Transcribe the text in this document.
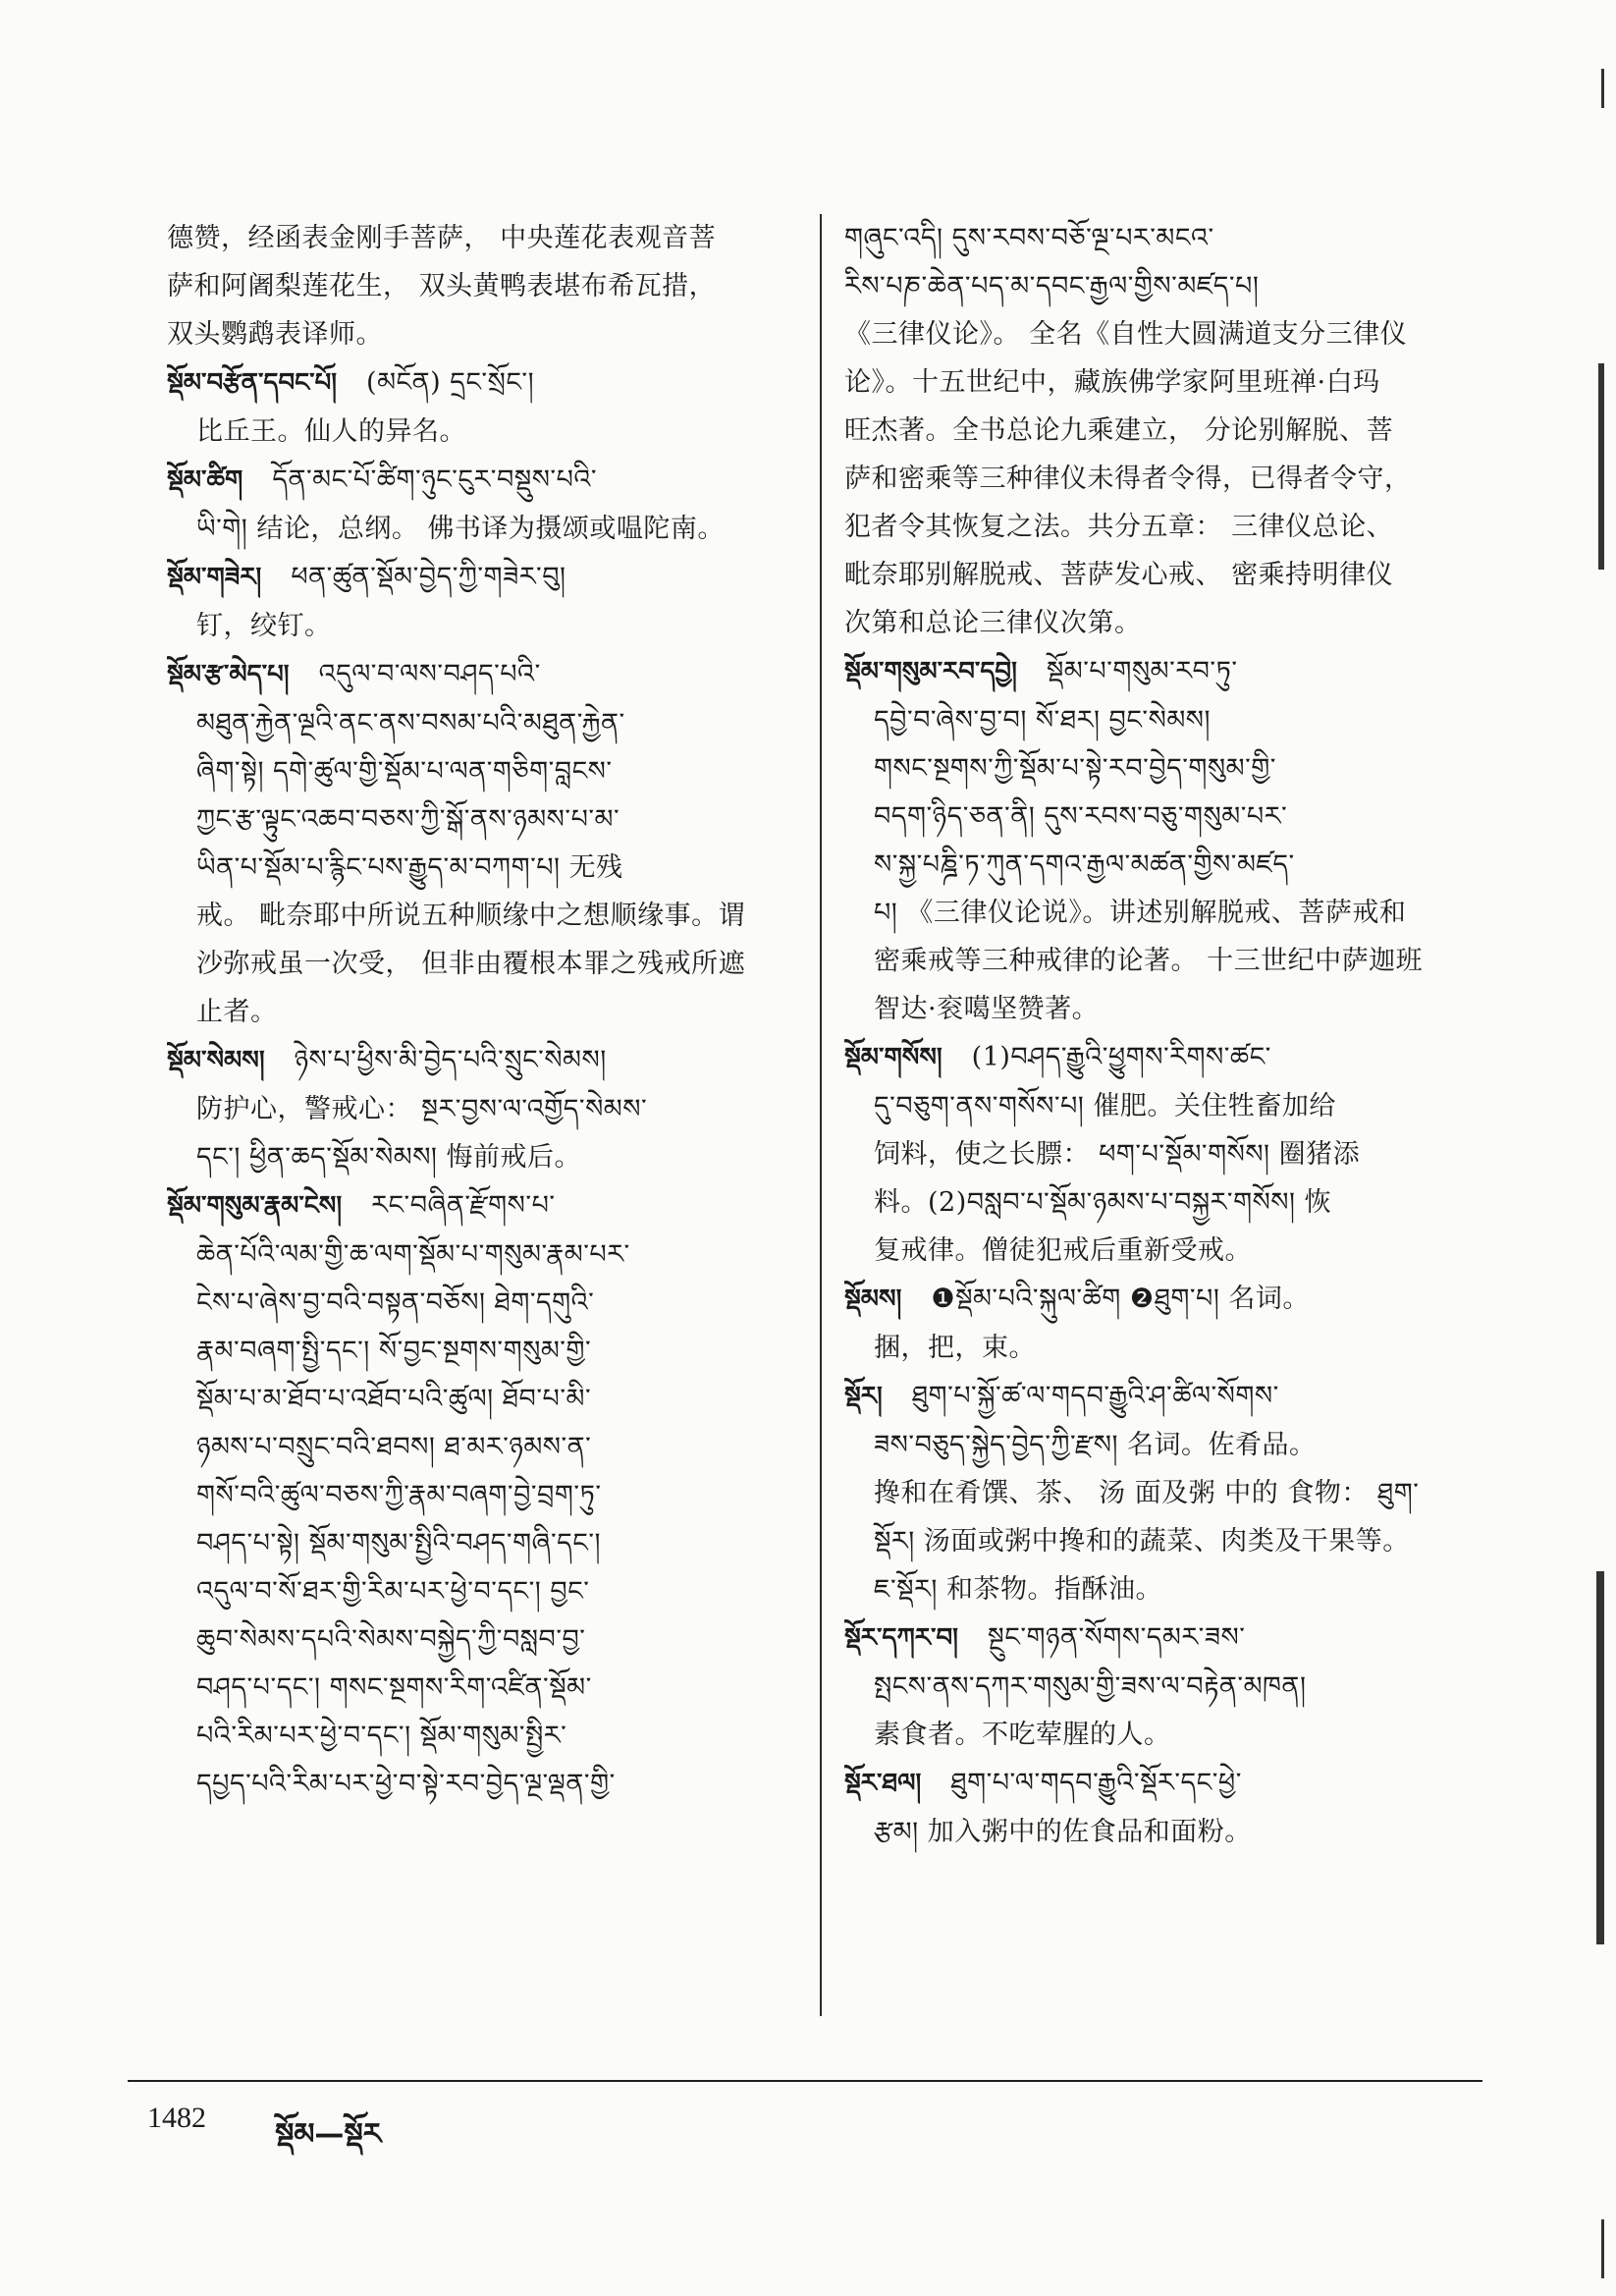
德赞，经函表金刚手菩萨， 中央莲花表观音菩
萨和阿阇梨莲花生， 双头黄鸭表堪布希瓦措，
双头鹦鹉表译师。
སྡོམ་བརྩོན་དབང་པོ། (མངོན) དྲང་སྲོང་།
比丘王。仙人的异名。
སྡོམ་ཚིག དོན་མང་པོ་ཚིག་ཉུང་ངུར་བསྡུས་པའི་
ཡི་གེ། 结论，总纲。 佛书译为摄颂或嗢陀南。
སྡོམ་གཟེར། ཕན་ཚུན་སྡོམ་བྱེད་ཀྱི་གཟེར་བུ།
钉，绞钉。
སྡོམ་རྩ་མེད་པ། འདུལ་བ་ལས་བཤད་པའི་
མཐུན་རྐྱེན་ལྔའི་ནང་ནས་བསམ་པའི་མཐུན་རྐྱེན་
ཞིག་སྟེ། དགེ་ཚུལ་གྱི་སྡོམ་པ་ལན་གཅིག་བླངས་
ཀྱང་རྩ་ལྟུང་འཆབ་བཅས་ཀྱི་སྒོ་ནས་ཉམས་པ་མ་
ཡིན་པ་སྡོམ་པ་རྙིང་པས་རྒྱུད་མ་བཀག་པ། 无残
戒。 毗奈耶中所说五种顺缘中之想顺缘事。谓
沙弥戒虽一次受， 但非由覆根本罪之残戒所遮
止者。
སྡོམ་སེམས། ཉེས་པ་ཕྱིས་མི་བྱེད་པའི་སྲུང་སེམས།
防护心，警戒心： སྔར་བྱས་ལ་འགྱོད་སེམས་
དང་། ཕྱིན་ཆད་སྡོམ་སེམས། 悔前戒后。
སྡོམ་གསུམ་རྣམ་ངེས། རང་བཞིན་རྫོགས་པ་
ཆེན་པོའི་ལམ་གྱི་ཆ་ལག་སྡོམ་པ་གསུམ་རྣམ་པར་
ངེས་པ་ཞེས་བྱ་བའི་བསྟན་བཅོས། ཐེག་དགུའི་
རྣམ་བཞག་སྤྱི་དང་། སོ་བྱང་སྔགས་གསུམ་གྱི་
སྡོམ་པ་མ་ཐོབ་པ་འཐོབ་པའི་ཚུལ། ཐོབ་པ་མི་
ཉམས་པ་བསྲུང་བའི་ཐབས། ཐ་མར་ཉམས་ན་
གསོ་བའི་ཚུལ་བཅས་ཀྱི་རྣམ་བཞག་བྱེ་བྲག་ཏུ་
བཤད་པ་སྟེ། སྡོམ་གསུམ་སྤྱིའི་བཤད་གཞི་དང་།
འདུལ་བ་སོ་ཐར་གྱི་རིམ་པར་ཕྱེ་བ་དང་། བྱང་
ཆུབ་སེམས་དཔའི་སེམས་བསྐྱེད་ཀྱི་བསླབ་བྱ་
བཤད་པ་དང་། གསང་སྔགས་རིག་འཛིན་སྡོམ་
པའི་རིམ་པར་ཕྱེ་བ་དང་། སྡོམ་གསུམ་སྤྱིར་
དཔྱད་པའི་རིམ་པར་ཕྱེ་བ་སྟེ་རབ་བྱེད་ལྔ་ལྡན་གྱི་
གཞུང་འདི། དུས་རབས་བཅོ་ལྔ་པར་མངའ་
རིས་པཎ་ཆེན་པད་མ་དབང་རྒྱལ་གྱིས་མཛད་པ།
《三律仪论》。 全名《自性大圆满道支分三律仪
论》。十五世纪中，藏族佛学家阿里班禅·白玛
旺杰著。全书总论九乘建立， 分论别解脱、菩
萨和密乘等三种律仪未得者令得，已得者令守，
犯者令其恢复之法。共分五章： 三律仪总论、
毗奈耶别解脱戒、菩萨发心戒、 密乘持明律仪
次第和总论三律仪次第。
སྡོམ་གསུམ་རབ་དབྱེ། སྡོམ་པ་གསུམ་རབ་ཏུ་
དབྱེ་བ་ཞེས་བྱ་བ། སོ་ཐར། བྱང་སེམས།
གསང་སྔགས་ཀྱི་སྡོམ་པ་སྟེ་རབ་བྱེད་གསུམ་གྱི་
བདག་ཉིད་ཅན་ནི། དུས་རབས་བཅུ་གསུམ་པར་
ས་སྐྱ་པཎྜི་ཏ་ཀུན་དགའ་རྒྱལ་མཚན་གྱིས་མཛད་
པ། 《三律仪论说》。讲述别解脱戒、菩萨戒和
密乘戒等三种戒律的论著。 十三世纪中萨迦班
智达·衮噶坚赞著。
སྡོམ་གསོས། (1)བཤད་རྒྱུའི་ཕྱུགས་རིགས་ཚང་
དུ་བཅུག་ནས་གསོས་པ། 催肥。关住牲畜加给
饲料，使之长膘： ཕག་པ་སྡོམ་གསོས། 圈猪添
料。(2)བསླབ་པ་སྡོམ་ཉམས་པ་བསྐྱར་གསོས། 恢
复戒律。僧徒犯戒后重新受戒。
སྡོམས། ❶སྡོམ་པའི་སྐུལ་ཚིག ❷ཐུག་པ། 名词。
捆，把，束。
སྡོར། ཐུག་པ་སྐྱོ་ཚ་ལ་གདབ་རྒྱུའི་ཤ་ཚིལ་སོགས་
ཟས་བཅུད་སྐྱེད་བྱེད་ཀྱི་རྫས། 名词。佐肴品。
搀和在肴馔、茶、 汤 面及粥 中的 食物： ཐུག་
སྡོར། 汤面或粥中搀和的蔬菜、肉类及干果等。
ཇ་སྡོར། 和茶物。指酥油。
སྡོར་དཀར་བ། སྔུང་གཉན་སོགས་དམར་ཟས་
སྤངས་ནས་དཀར་གསུམ་གྱི་ཟས་ལ་བརྟེན་མཁན།
素食者。不吃荤腥的人。
སྡོར་ཐལ། ཐུག་པ་ལ་གདབ་རྒྱུའི་སྡོར་དང་ཕྱེ་
རྩམ། 加入粥中的佐食品和面粉。
1482 སྡོམ—སྡོར
